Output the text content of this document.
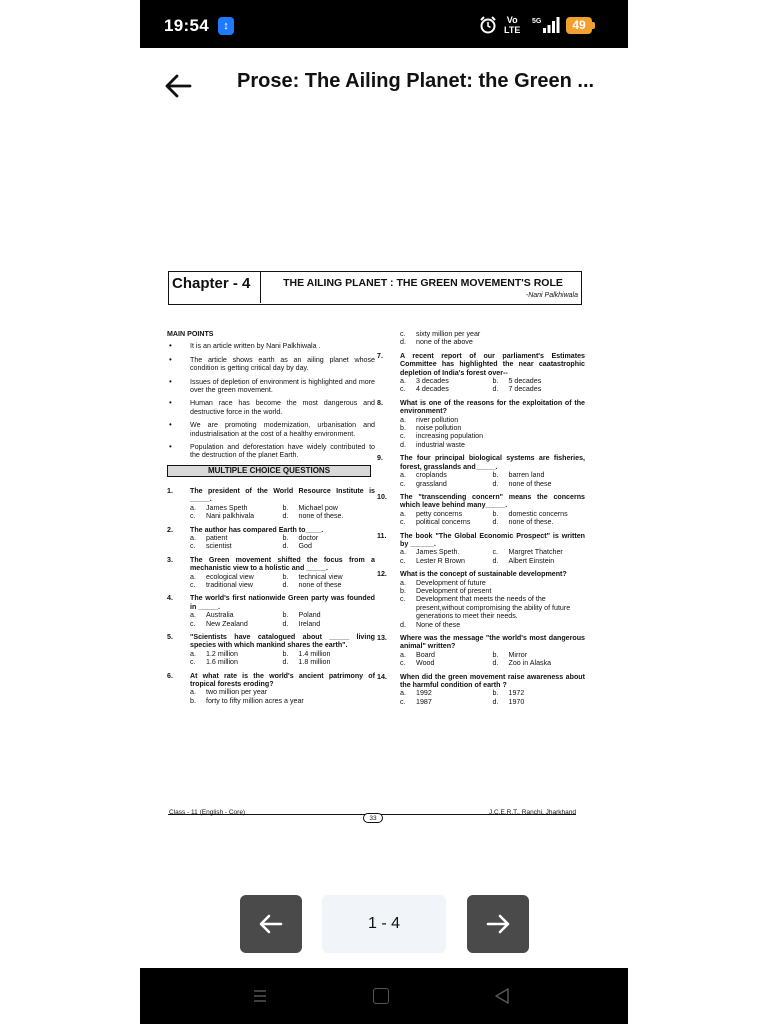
19:54	↕	Vo
LTE
5G	49
Prose: The Ailing Planet: the Green ...
Chapter - 4	THE AILING PLANET : THE GREEN MOVEMENT'S ROLE
-Nani Palkhiwala
MAIN POINTS
• It is an article written by Nani Palkhiwala .
• The article shows earth as an ailing planet whose condition is getting critical day by day.
• Issues of depletion of environment is highlighted and more over the green movement.
• Human race has become the most dangerous and destructive force in the world.
• We are promoting modernization, urbanisation and industrialisation at the cost of a healthy environment.
• Population and deforestation have widely contributed to the destruction of the planet Earth.
MULTIPLE CHOICE QUESTIONS
1. The president of the World Resource Institute is _____.
a. James Speth	b. Michael pow
c. Nani palkhivala	d. none of these.
2. The author has compared Earth to____.
a. patient	b. doctor
c. scientist	d. God
3. The Green movement shifted the focus from a mechanistic view to a holistic and _____.
a. ecological view	b. technical view
c. traditional view	d. none of these
4. The world's first nationwide Green party was founded in _____.
a. Australia	b. Poland
c. New Zealand	d. Ireland
5. "Scientists have catalogued about _____ living species with which mankind shares the earth".
a. 1.2 million	b. 1.4 million
c. 1.6 million	d. 1.8 million
6. At what rate is the world's ancient patrimony of tropical forests eroding?
a. two million per year
b. forty to fifty million acres a year
c. sixty million per year
d. none of the above
7. A recent report of our parliament's Estimates Committee has highlighted the near caatastrophic depletion of India's forest over--
a. 3 decades	b. 5 decades
c. 4 decades	d. 7 decades
8. What is one of the reasons for the exploitation of the environment?
a. river pollution
b. noise pollution
c. increasing population
d. industrial waste
9. The four principal biological systems are fisheries, forest, grasslands and_____.
a. croplands	b. barren land
c. grassland	d. none of these
10. The "transcending concern" means the concerns which leave behind many_____.
a. petty concerns	b. domestic concerns
c. political concerns	d. none of these.
11. The book "The Global Economic Prospect" is written by ______.
a. James Speth.	c. Margret Thatcher
c. Lester R Brown	d. Albert Einstein
12. What is the concept of sustainable development?
a. Development of future
b. Development of present
c. Development that meets the needs of the present,without compromising the ability of future generations to meet their needs.
d. None of these
13. Where was the message "the world's most dangerous animal" written?
a. Board	b. Mirror
c. Wood	d. Zoo in Alaska
14. When did the green movement raise awareness about the harmful condition of earth ?
a. 1992	b. 1972
c. 1987	d. 1970
Class - 11 (English - Core)
33
J.C.E.R.T., Ranchi, Jharkhand
1 - 4
